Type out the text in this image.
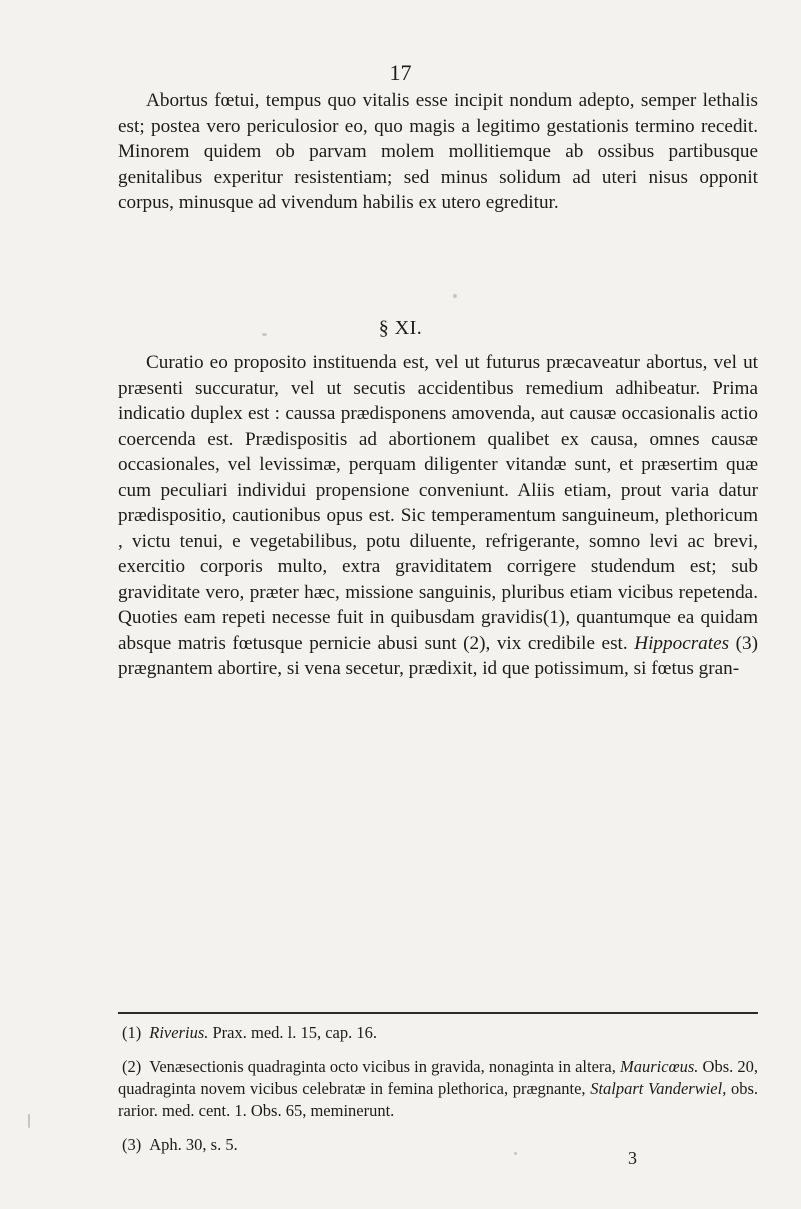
17

Abortus fœtui, tempus quo vitalis esse incipit nondum adepto, semper lethalis est; postea vero periculosior eo, quo magis a legitimo gestationis termino recedit. Minorem quidem ob parvam molem mollitiemque ab ossibus partibusque genitalibus experitur resistentiam; sed minus solidum ad uteri nisus opponit corpus, minusque ad vivendum habilis ex utero egreditur.

§ XI.

Curatio eo proposito instituenda est, vel ut futurus præcaveatur abortus, vel ut præsenti succuratur, vel ut secutis accidentibus remedium adhibeatur. Prima indicatio duplex est : caussa prædisponens amovenda, aut causæ occasionalis actio coercenda est. Prædispositis ad abortionem qualibet ex causa, omnes causæ occasionales, vel levissimæ, perquam diligenter vitandæ sunt, et præsertim quæ cum peculiari individui propensione conveniunt. Aliis etiam, prout varia datur prædispositio, cautionibus opus est. Sic temperamentum sanguineum, plethoricum , victu tenui, e vegetabilibus, potu diluente, refrigerante, somno levi ac brevi, exercitio corporis multo, extra graviditatem corrigere studendum est; sub graviditate vero, præter hæc, missione sanguinis, pluribus etiam vicibus repetenda. Quoties eam repeti necesse fuit in quibusdam gravidis(1), quantumque ea quidam absque matris fœtusque pernicie abusi sunt (2), vix credibile est. Hippocrates (3) prægnantem abortire, si vena secetur, prædixit, id que potissimum, si fœtus gran-

(1) Riverius. Prax. med. l. 15, cap. 16.

(2) Venæsectionis quadraginta octo vicibus in gravida, nonaginta in altera, Mauricœus. Obs. 20, quadraginta novem vicibus celebratæ in femina plethorica, prægnante, Stalpart Vanderwiel, obs. rarior. med. cent. 1. Obs. 65, meminerunt.

(3) Aph. 30, s. 5.

3
